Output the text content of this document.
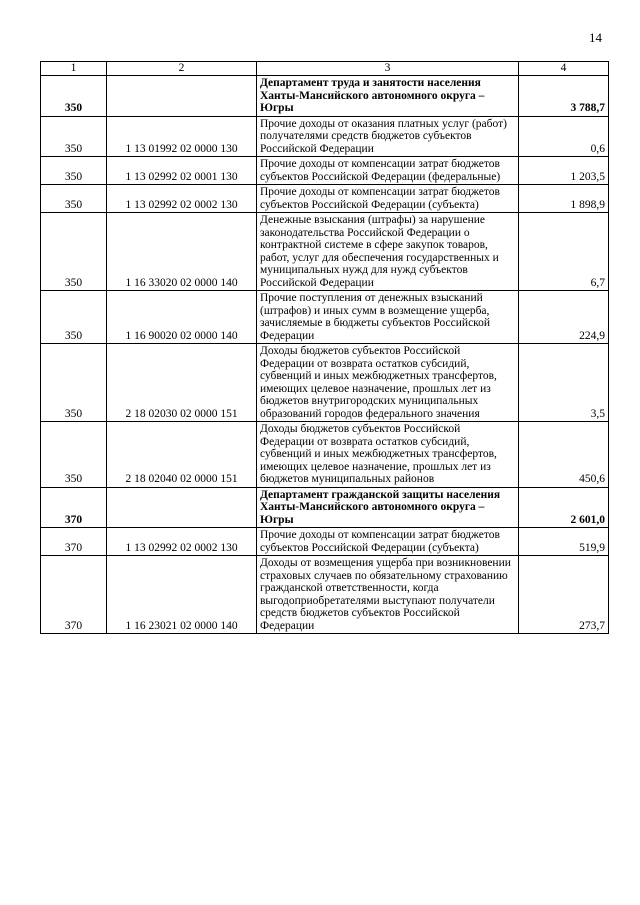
14
1	2	3	4
350		Департамент труда и занятости населения Ханты-Мансийского автономного округа – Югры	3 788,7
350	1 13 01992 02 0000 130	Прочие доходы от оказания платных услуг (работ) получателями средств бюджетов субъектов Российской Федерации	0,6
350	1 13 02992 02 0001 130	Прочие доходы от компенсации затрат бюджетов субъектов Российской Федерации (федеральные)	1 203,5
350	1 13 02992 02 0002 130	Прочие доходы от компенсации затрат бюджетов субъектов Российской Федерации (субъекта)	1 898,9
350	1 16 33020 02 0000 140	Денежные взыскания (штрафы) за нарушение законодательства Российской Федерации о контрактной системе в сфере закупок товаров, работ, услуг для обеспечения государственных и муниципальных нужд для нужд субъектов Российской Федерации	6,7
350	1 16 90020 02 0000 140	Прочие поступления от денежных взысканий (штрафов) и иных сумм в возмещение ущерба, зачисляемые в бюджеты субъектов Российской Федерации	224,9
350	2 18 02030 02 0000 151	Доходы бюджетов субъектов Российской Федерации от возврата остатков субсидий, субвенций и иных межбюджетных трансфертов, имеющих целевое назначение, прошлых лет из бюджетов внутригородских муниципальных образований городов федерального значения	3,5
350	2 18 02040 02 0000 151	Доходы бюджетов субъектов Российской Федерации от возврата остатков субсидий, субвенций и иных межбюджетных трансфертов, имеющих целевое назначение, прошлых лет из бюджетов муниципальных районов	450,6
370		Департамент гражданской защиты населения Ханты-Мансийского автономного округа – Югры	2 601,0
370	1 13 02992 02 0002 130	Прочие доходы от компенсации затрат бюджетов субъектов Российской Федерации (субъекта)	519,9
370	1 16 23021 02 0000 140	Доходы от возмещения ущерба при возникновении страховых случаев по обязательному страхованию гражданской ответственности, когда выгодоприобретателями выступают получатели средств бюджетов субъектов Российской Федерации	273,7
